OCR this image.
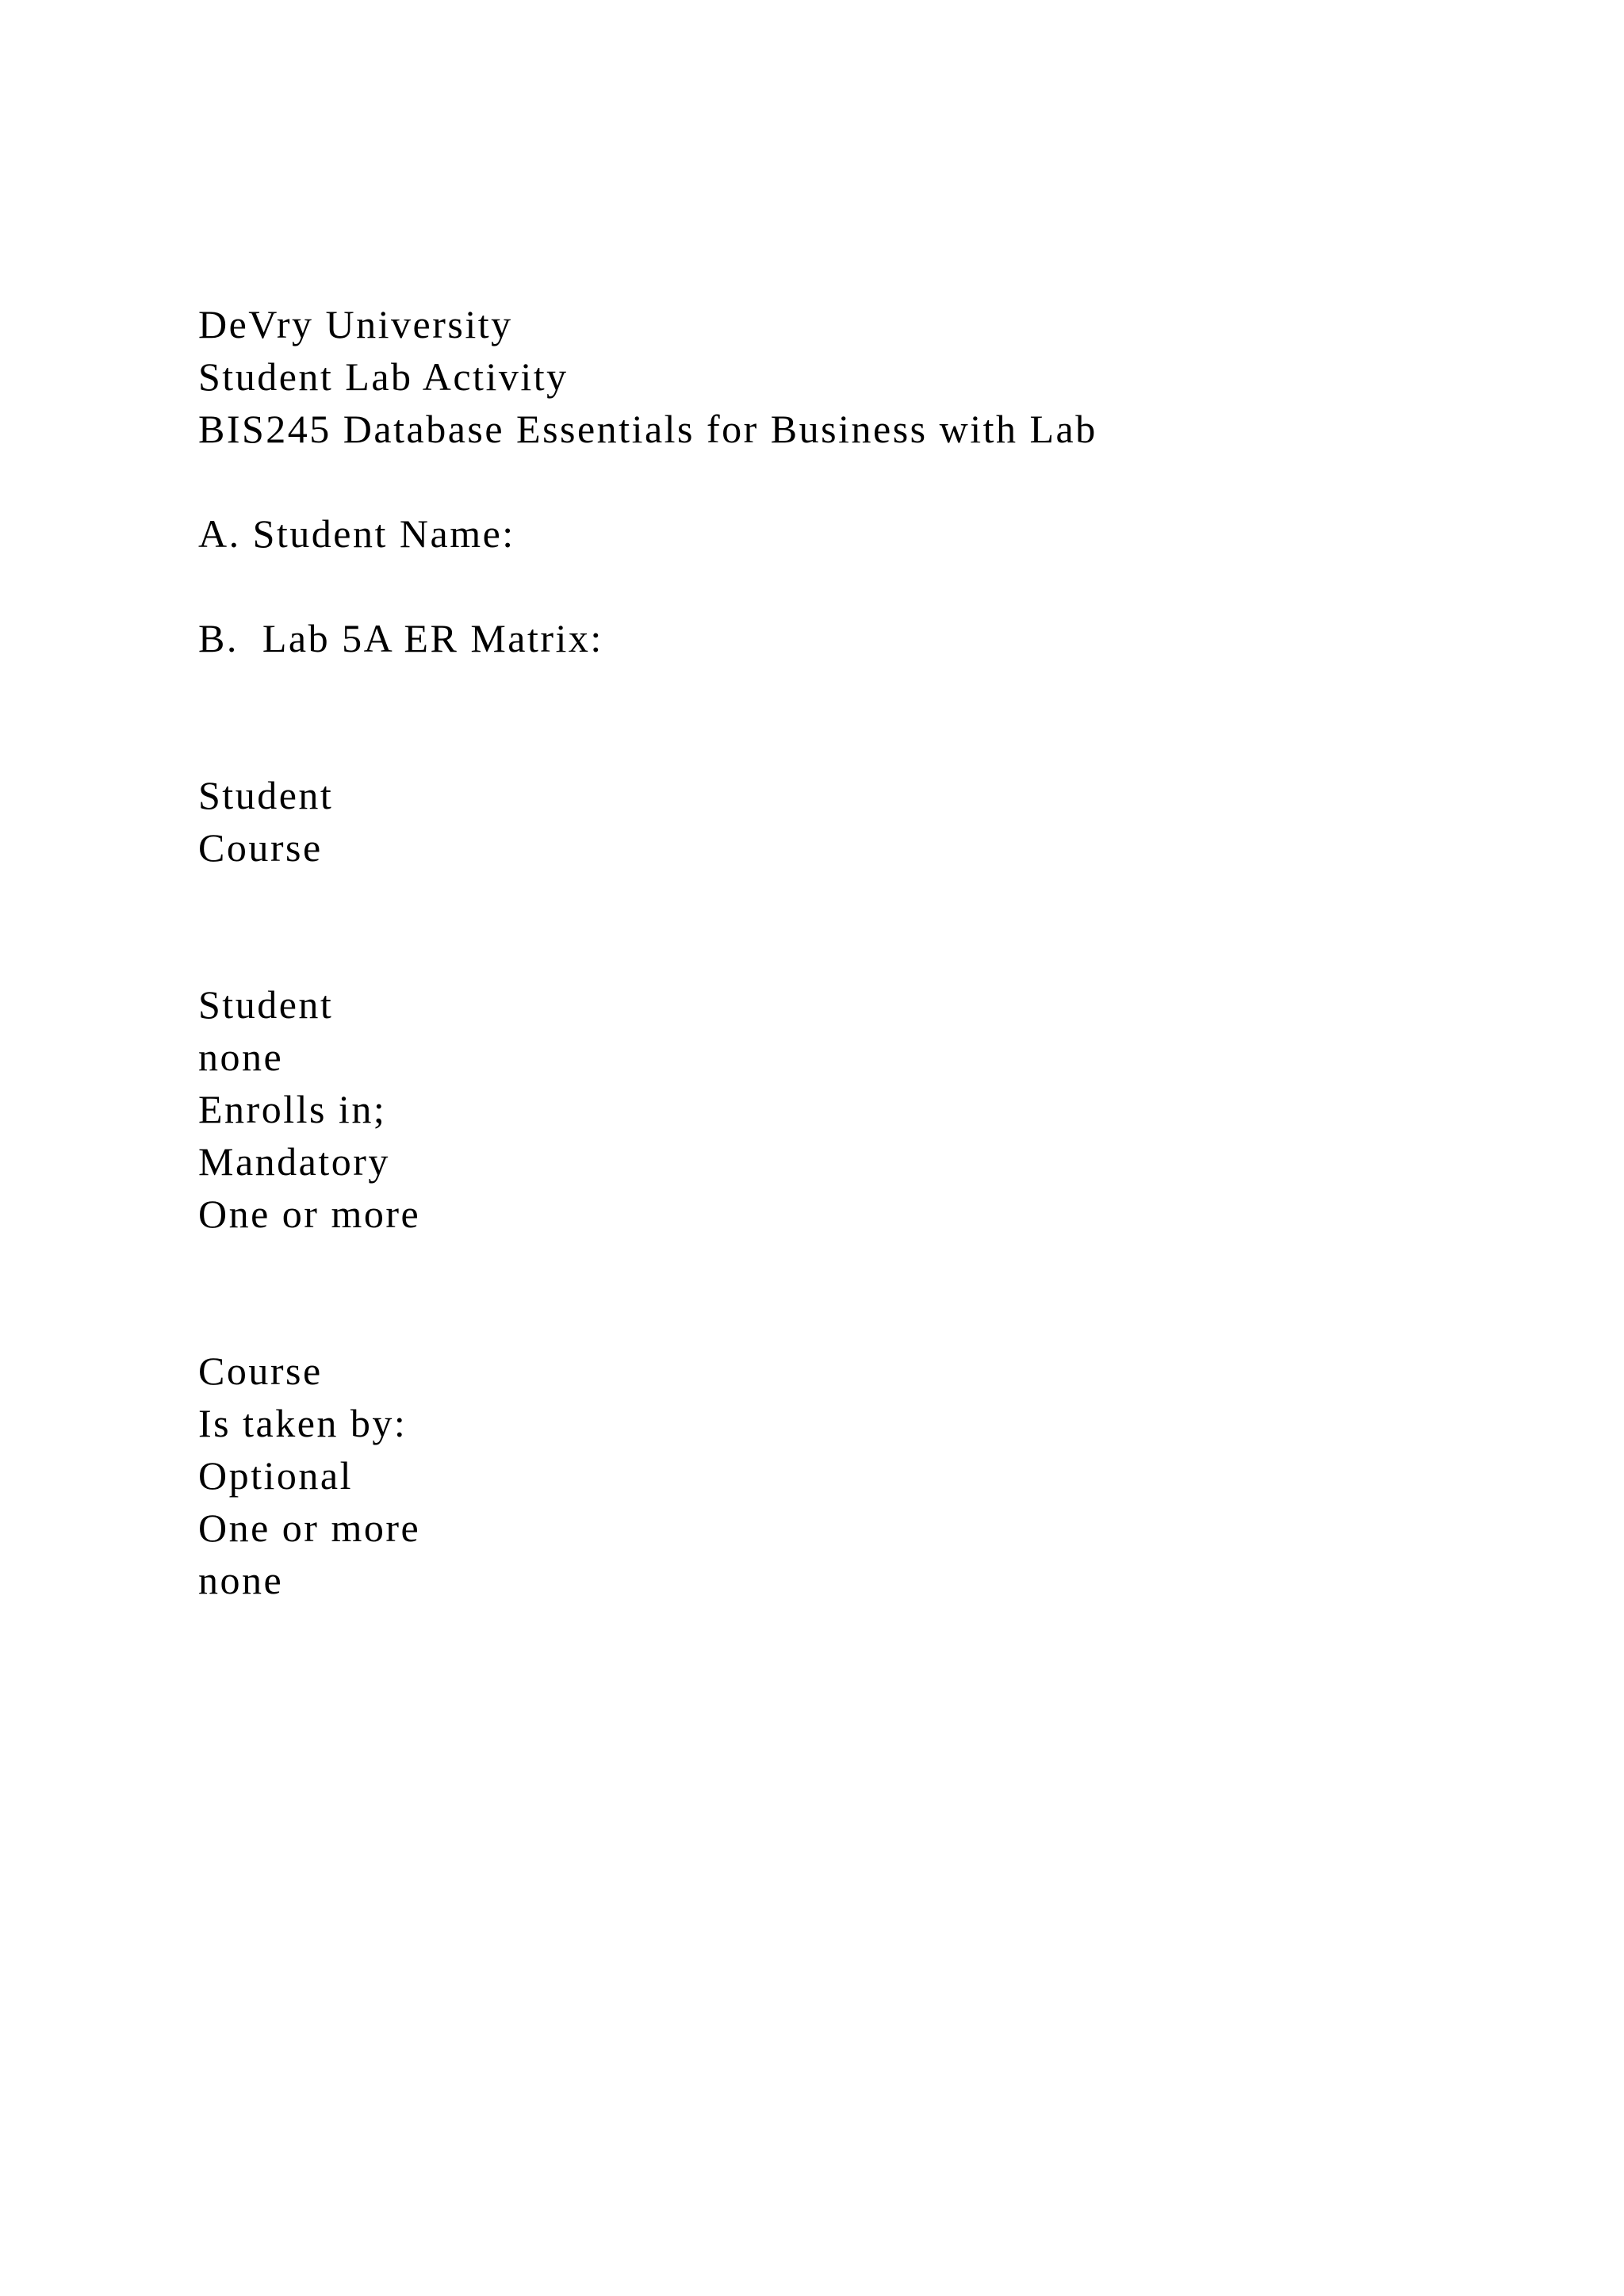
DeVry University

Student Lab Activity

BIS245 Database Essentials for Business with Lab

A. Student Name:

B.  Lab 5A ER Matrix:

Student

Course

Student

none

Enrolls in;

Mandatory

One or more

Course

Is taken by:

Optional

One or more

none
